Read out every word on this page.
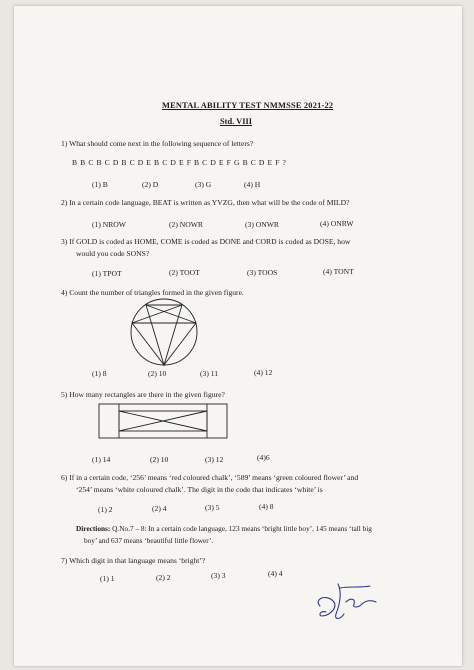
MENTAL ABILITY TEST NMMSSE 2021-22
Std. VIII
1) What should come next in the following sequence of letters?
B B C B C D B C D E B C D E F B C D E F G B C D E F ?
(1) B	(2) D	(3) G	(4) H
2) In a certain code language, BEAT is written as YVZG, then what will be the code of MILD?
(1) NROW	(2) NOWR	(3) ONWR	(4) ONRW
3) If GOLD is coded as HOME, COME is coded as DONE and CORD is coded as DOSE, how
would you code SONS?
(1) TPOT	(2) TOOT	(3) TOOS	(4) TONT
4) Count the number of triangles formed in the given figure.
(1) 8	(2) 10	(3) 11	(4) 12
5) How many rectangles are there in the given figure?
(1) 14	(2) 10	(3) 12	(4)6
6) If in a certain code, ‘256’ means ‘red coloured chalk’, ‘589’ means ‘green coloured flower’ and
‘254’ means ‘white coloured chalk’. The digit in the code that indicates ‘white’ is
(1) 2	(2) 4	(3) 5	(4) 8
Directions: Q.No.7 – 8: In a certain code language, 123 means ‘bright little boy’, 145 means ‘tall big
boy’ and 637 means ‘beautiful little flower’.
7) Which digit in that language means ‘bright’?
(1) 1	(2) 2	(3) 3	(4) 4
